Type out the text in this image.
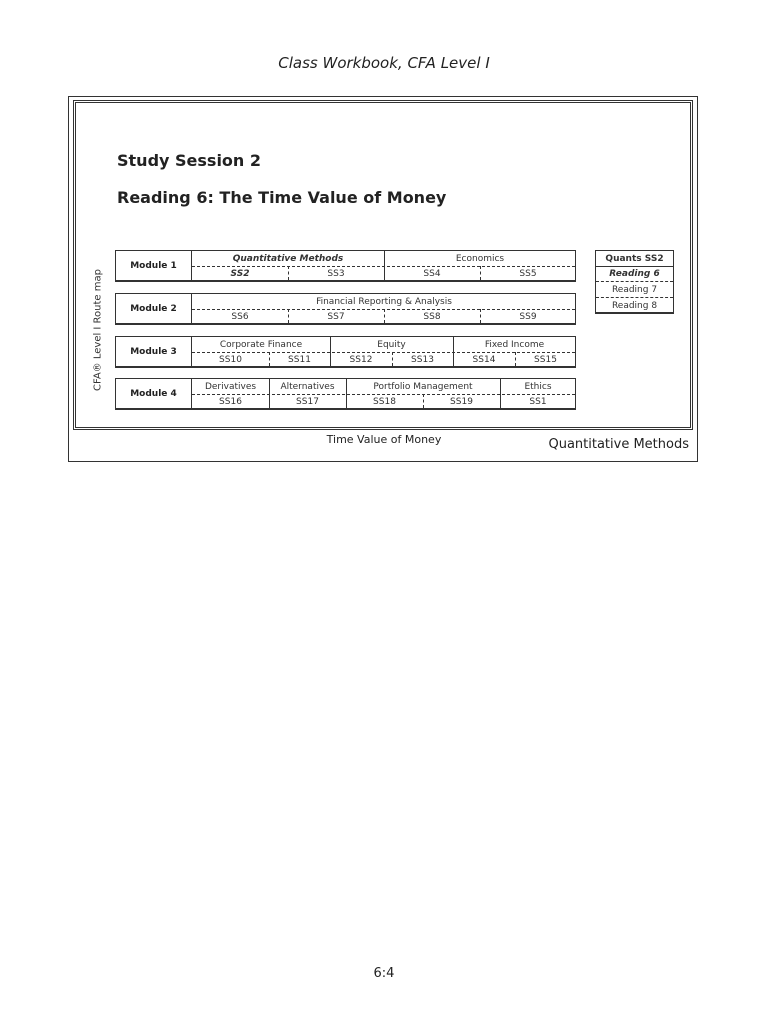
Class Workbook, CFA Level I
Study Session 2
Reading 6: The Time Value of Money
CFA® Level I Route map
Module 1
Quantitative Methods	Economics
SS2	SS3	SS4	SS5
Module 2
Financial Reporting & Analysis
SS6	SS7	SS8	SS9
Module 3
Corporate Finance	Equity	Fixed Income
SS10	SS11	SS12	SS13	SS14	SS15
Module 4
Derivatives	Alternatives	Portfolio Management	Ethics
SS16	SS17	SS18	SS19	SS1
Quants SS2
Reading 6
Reading 7
Reading 8
Time Value of Money	Quantitative Methods
6:4
